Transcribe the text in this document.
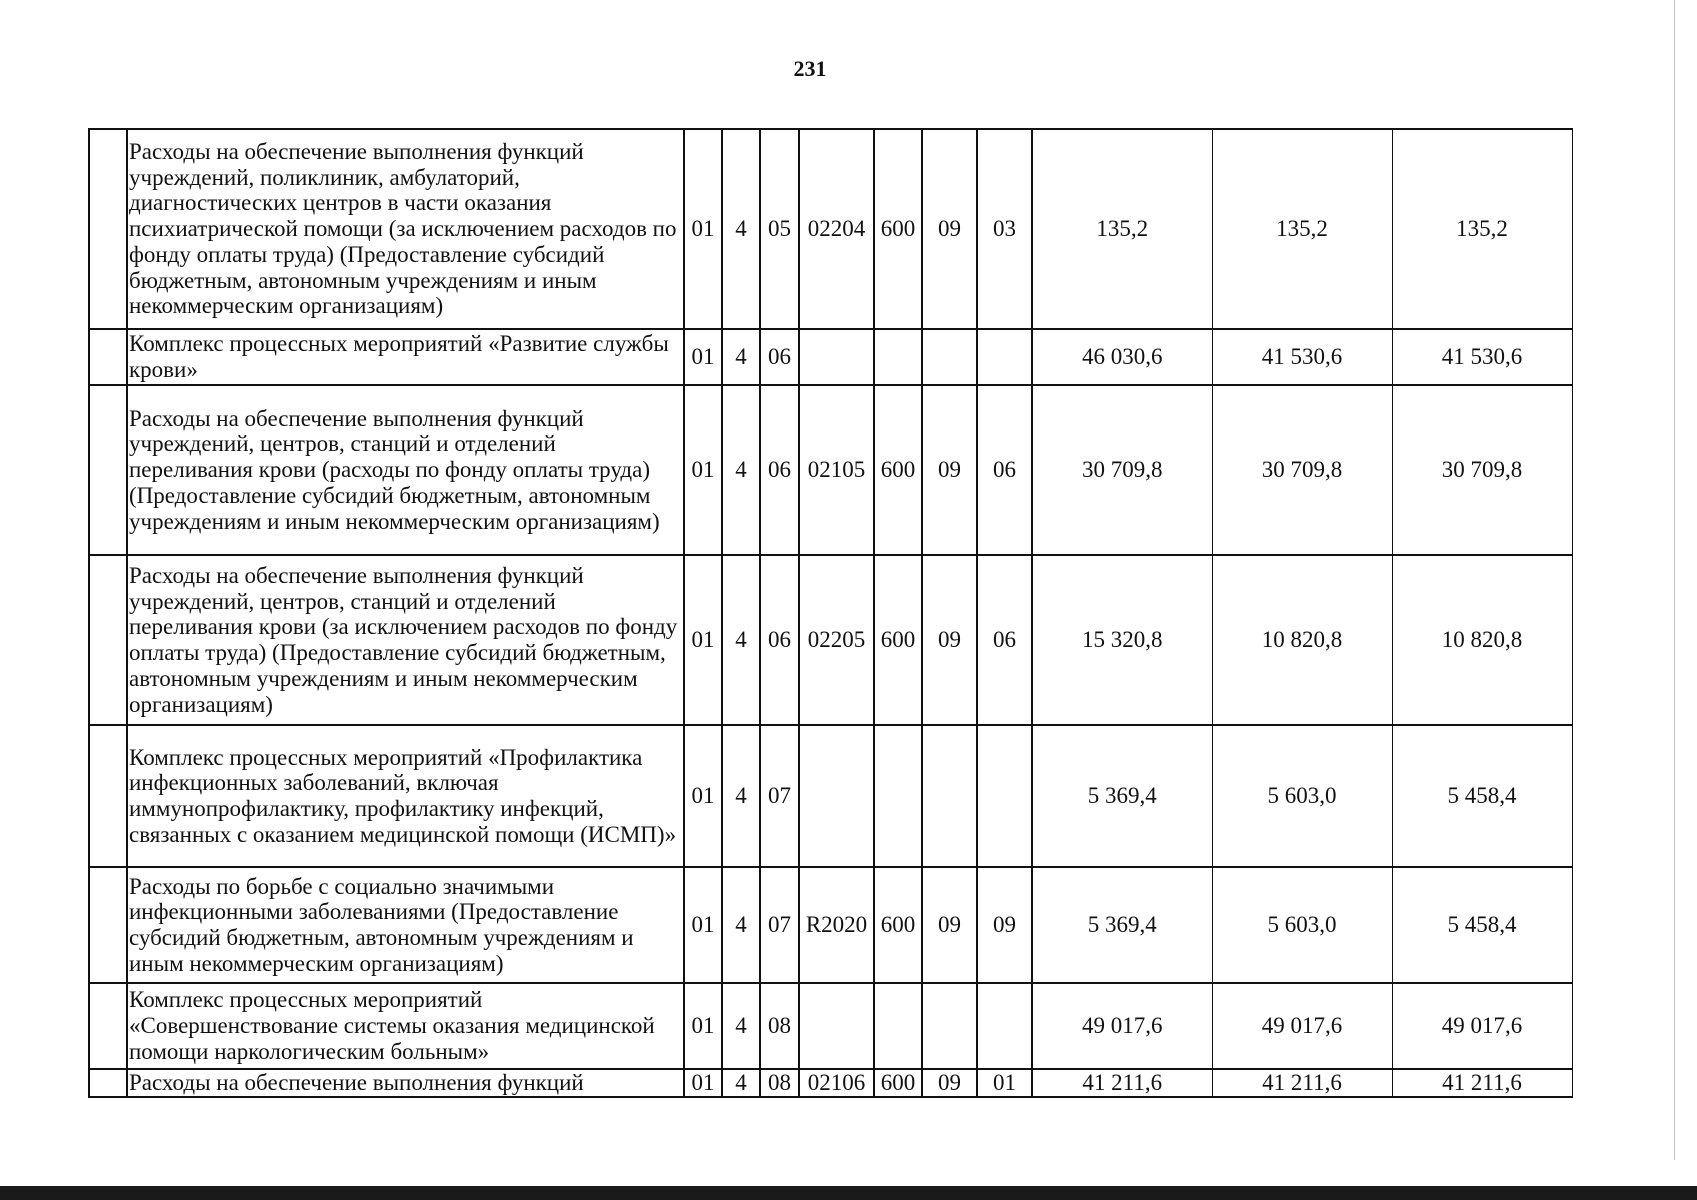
231
	Расходы на обеспечение выполнения функций учреждений, поликлиник, амбулаторий, диагностических центров в части оказания психиатрической помощи (за исключением расходов по фонду оплаты труда) (Предоставление субсидий бюджетным, автономным учреждениям и иным некоммерческим организациям)	01	4	05	02204	600	09	03	135,2	135,2	135,2
	Комплекс процессных мероприятий «Развитие службы крови»	01	4	06					46 030,6	41 530,6	41 530,6
	Расходы на обеспечение выполнения функций учреждений, центров, станций и отделений переливания крови (расходы по фонду оплаты труда) (Предоставление субсидий бюджетным, автономным учреждениям и иным некоммерческим организациям)	01	4	06	02105	600	09	06	30 709,8	30 709,8	30 709,8
	Расходы на обеспечение выполнения функций учреждений, центров, станций и отделений переливания крови (за исключением расходов по фонду оплаты труда) (Предоставление субсидий бюджетным, автономным учреждениям и иным некоммерческим организациям)	01	4	06	02205	600	09	06	15 320,8	10 820,8	10 820,8
	Комплекс процессных мероприятий «Профилактика инфекционных заболеваний, включая иммунопрофилактику, профилактику инфекций, связанных с оказанием медицинской помощи (ИСМП)»	01	4	07					5 369,4	5 603,0	5 458,4
	Расходы по борьбе с социально значимыми инфекционными заболеваниями (Предоставление субсидий бюджетным, автономным учреждениям и иным некоммерческим организациям)	01	4	07	R2020	600	09	09	5 369,4	5 603,0	5 458,4
	Комплекс процессных мероприятий «Совершенствование системы оказания медицинской помощи наркологическим больным»	01	4	08					49 017,6	49 017,6	49 017,6
	Расходы на обеспечение выполнения функций	01	4	08	02106	600	09	01	41 211,6	41 211,6	41 211,6
